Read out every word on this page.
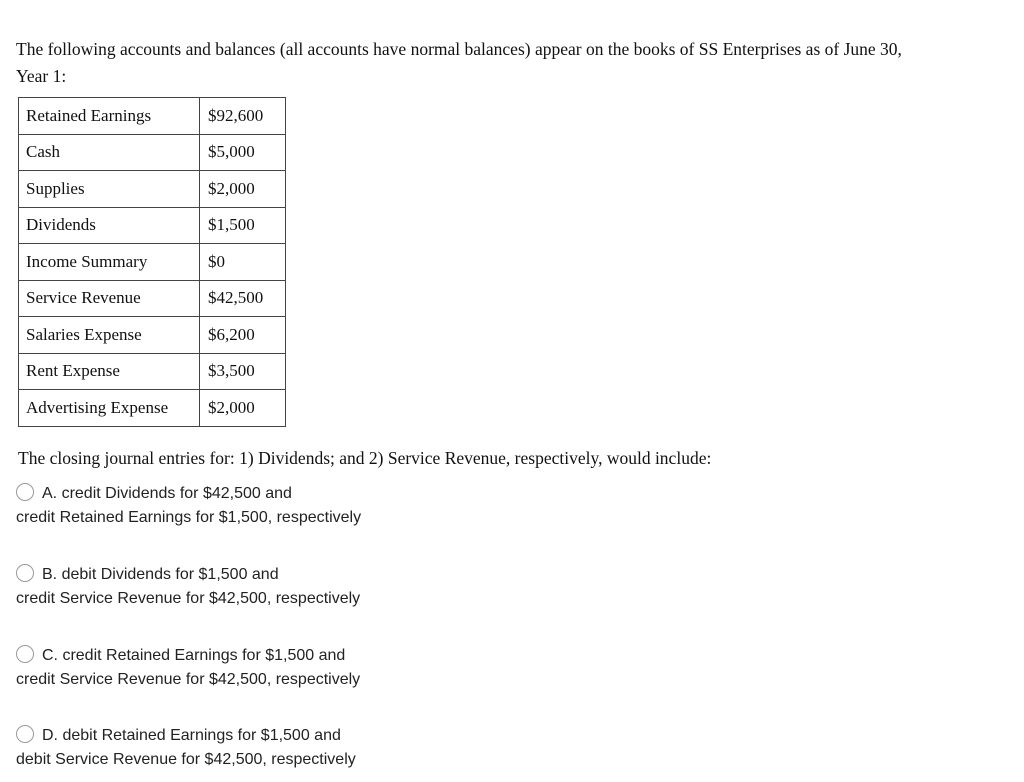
The following accounts and balances (all accounts have normal balances) appear on the books of SS Enterprises as of June 30,
Year 1:

Retained Earnings	$92,600
Cash	$5,000
Supplies	$2,000
Dividends	$1,500
Income Summary	$0
Service Revenue	$42,500
Salaries Expense	$6,200
Rent Expense	$3,500
Advertising Expense	$2,000

The closing journal entries for: 1) Dividends; and 2) Service Revenue, respectively, would include:

A. credit Dividends for $42,500 and
credit Retained Earnings for $1,500, respectively
B. debit Dividends for $1,500 and
credit Service Revenue for $42,500, respectively
C. credit Retained Earnings for $1,500 and
credit Service Revenue for $42,500, respectively
D. debit Retained Earnings for $1,500 and
debit Service Revenue for $42,500, respectively
